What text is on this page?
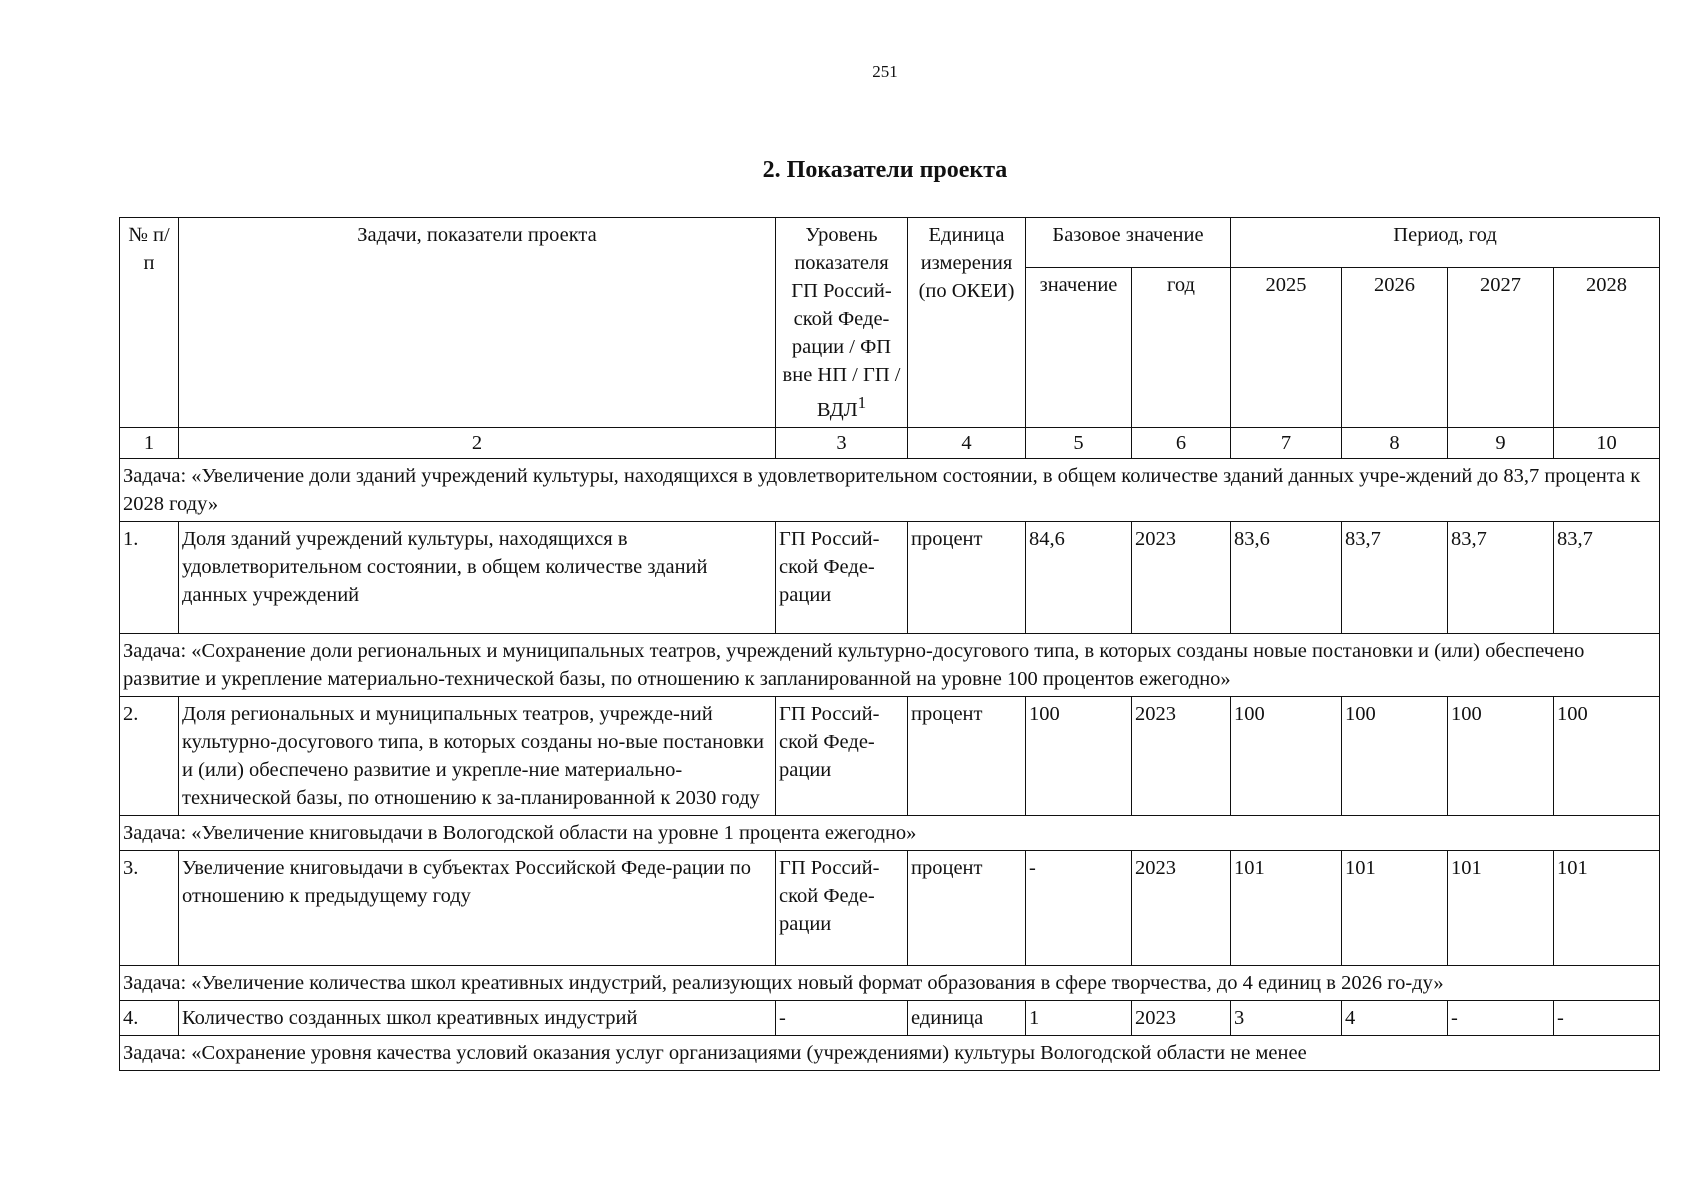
251
2. Показатели проекта
№ п/п	Задачи, показатели проекта	Уровень показателя ГП Россий-ской Феде-рации / ФП вне НП / ГП / ВДЛ$^1$	Единица измерения (по ОКЕИ)	Базовое значение		Период, год			
				значение	год	2025	2026	2027	2028
1	2	3	4	5	6	7	8	9	10
Задача: «Увеличение доли зданий учреждений культуры, находящихся в удовлетворительном состоянии, в общем количестве зданий данных учре-ждений до 83,7 процента к 2028 году»									
1.	Доля зданий учреждений культуры, находящихся в удовлетворительном состоянии, в общем количестве зданий данных учреждений	ГП Россий-ской Феде-рации	процент	84,6	2023	83,6	83,7	83,7	83,7
Задача: «Сохранение доли региональных и муниципальных театров, учреждений культурно-досугового типа, в которых созданы новые постановки и (или) обеспечено развитие и укрепление материально-технической базы, по отношению к запланированной на уровне 100 процентов ежегодно»									
2.	Доля региональных и муниципальных театров, учрежде-ний культурно-досугового типа, в которых созданы но-вые постановки и (или) обеспечено развитие и укрепле-ние материально-технической базы, по отношению к за-планированной к 2030 году	ГП Россий-ской Феде-рации	процент	100	2023	100	100	100	100
Задача: «Увеличение книговыдачи в Вологодской области на уровне 1 процента ежегодно»									
3.	Увеличение книговыдачи в субъектах Российской Феде-рации по отношению к предыдущему году	ГП Россий-ской Феде-рации	процент	-	2023	101	101	101	101
Задача: «Увеличение количества школ креативных индустрий, реализующих новый формат образования в сфере творчества, до 4 единиц в 2026 го-ду»									
4.	Количество созданных школ креативных индустрий	-	единица	1	2023	3	4	-	-
Задача: «Сохранение уровня качества условий оказания услуг организациями (учреждениями) культуры Вологодской области не менее									
